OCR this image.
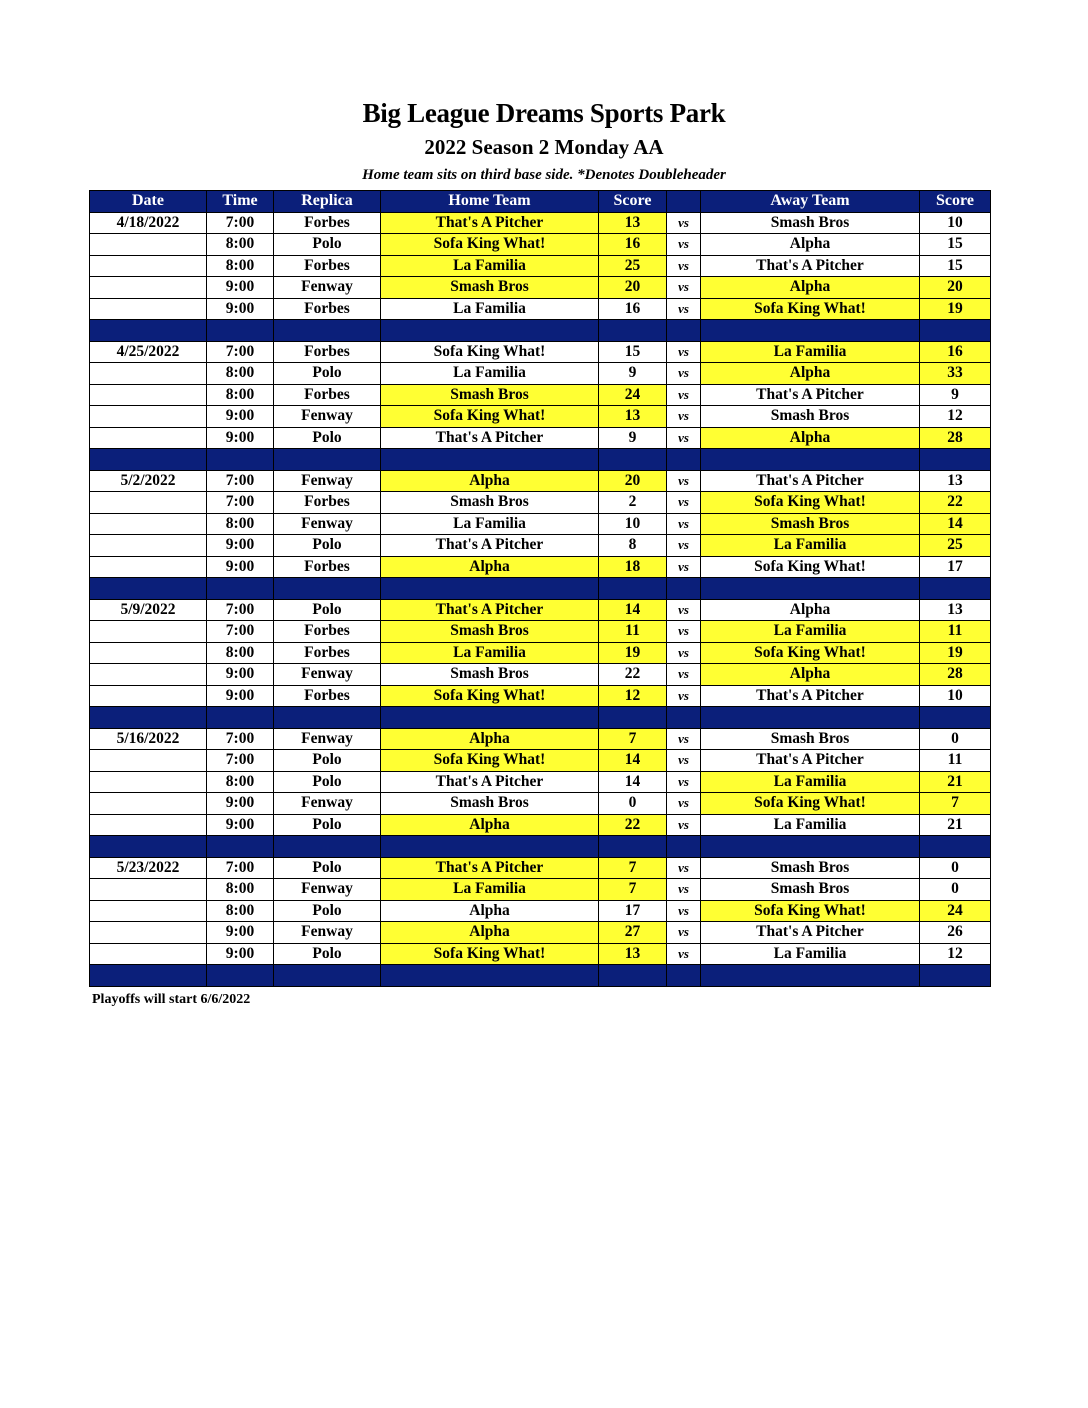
Big League Dreams Sports Park
2022 Season 2 Monday AA
Home team sits on third base side. *Denotes Doubleheader
Date	Time	Replica	Home Team	Score		Away Team	Score
4/18/2022	7:00	Forbes	That's A Pitcher	13	vs	Smash Bros	10
	8:00	Polo	Sofa King What!	16	vs	Alpha	15
	8:00	Forbes	La Familia	25	vs	That's A Pitcher	15
	9:00	Fenway	Smash Bros	20	vs	Alpha	20
	9:00	Forbes	La Familia	16	vs	Sofa King What!	19

4/25/2022	7:00	Forbes	Sofa King What!	15	vs	La Familia	16
	8:00	Polo	La Familia	9	vs	Alpha	33
	8:00	Forbes	Smash Bros	24	vs	That's A Pitcher	9
	9:00	Fenway	Sofa King What!	13	vs	Smash Bros	12
	9:00	Polo	That's A Pitcher	9	vs	Alpha	28

5/2/2022	7:00	Fenway	Alpha	20	vs	That's A Pitcher	13
	7:00	Forbes	Smash Bros	2	vs	Sofa King What!	22
	8:00	Fenway	La Familia	10	vs	Smash Bros	14
	9:00	Polo	That's A Pitcher	8	vs	La Familia	25
	9:00	Forbes	Alpha	18	vs	Sofa King What!	17

5/9/2022	7:00	Polo	That's A Pitcher	14	vs	Alpha	13
	7:00	Forbes	Smash Bros	11	vs	La Familia	11
	8:00	Forbes	La Familia	19	vs	Sofa King What!	19
	9:00	Fenway	Smash Bros	22	vs	Alpha	28
	9:00	Forbes	Sofa King What!	12	vs	That's A Pitcher	10

5/16/2022	7:00	Fenway	Alpha	7	vs	Smash Bros	0
	7:00	Polo	Sofa King What!	14	vs	That's A Pitcher	11
	8:00	Polo	That's A Pitcher	14	vs	La Familia	21
	9:00	Fenway	Smash Bros	0	vs	Sofa King What!	7
	9:00	Polo	Alpha	22	vs	La Familia	21

5/23/2022	7:00	Polo	That's A Pitcher	7	vs	Smash Bros	0
	8:00	Fenway	La Familia	7	vs	Smash Bros	0
	8:00	Polo	Alpha	17	vs	Sofa King What!	24
	9:00	Fenway	Alpha	27	vs	That's A Pitcher	26
	9:00	Polo	Sofa King What!	13	vs	La Familia	12

Playoffs will start 6/6/2022
